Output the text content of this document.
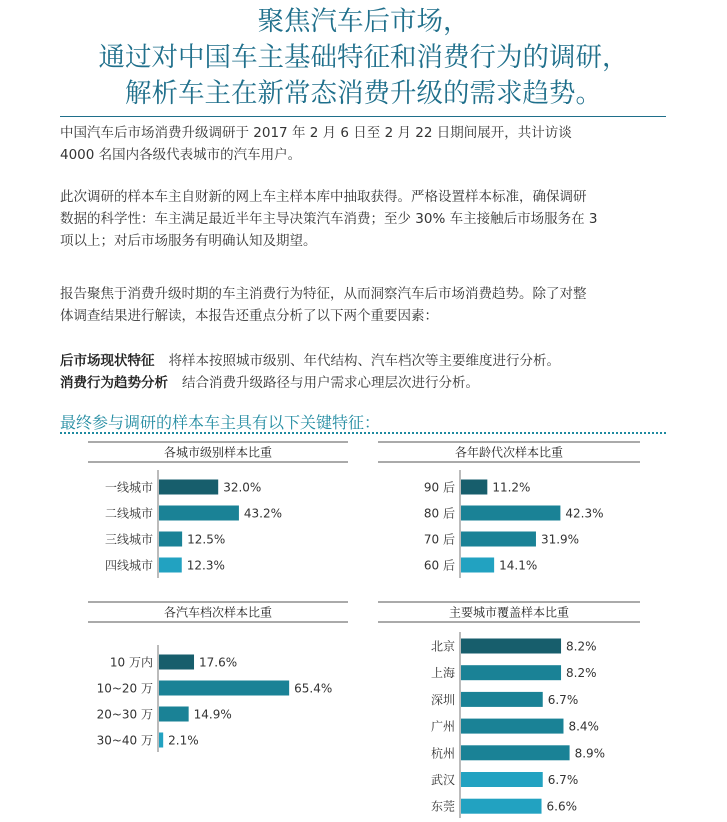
聚焦汽车后市场，
通过对中国车主基础特征和消费行为的调研，
解析车主在新常态消费升级的需求趋势。
中国汽车后市场消费升级调研于 2017 年 2 月 6 日至 2 月 22 日期间展开，共计访谈
4000 名国内各级代表城市的汽车用户。
此次调研的样本车主自财新的网上车主样本库中抽取获得。严格设置样本标准，确保调研
数据的科学性：车主满足最近半年主导决策汽车消费；至少 30% 车主接触后市场服务在 3
项以上；对后市场服务有明确认知及期望。
报告聚焦于消费升级时期的车主消费行为特征，从而洞察汽车后市场消费趋势。除了对整
体调查结果进行解读，本报告还重点分析了以下两个重要因素：
后市场现状特征 将样本按照城市级别、年代结构、汽车档次等主要维度进行分析。
消费行为趋势分析 结合消费升级路径与用户需求心理层次进行分析。
最终参与调研的样本车主具有以下关键特征：
各城市级别样本比重
一线城市	32.0%
二线城市	43.2%
三线城市	12.5%
四线城市	12.3%
各年龄代次样本比重
90 后	11.2%
80 后	42.3%
70 后	31.9%
60 后	14.1%
各汽车档次样本比重
10 万内	17.6%
10~20 万	65.4%
20~30 万	14.9%
30~40 万 2.1%
主要城市覆盖样本比重
北京	8.2%
上海	8.2%
深圳	6.7%
广州	8.4%
杭州	8.9%
武汉	6.7%
东莞	6.6%
